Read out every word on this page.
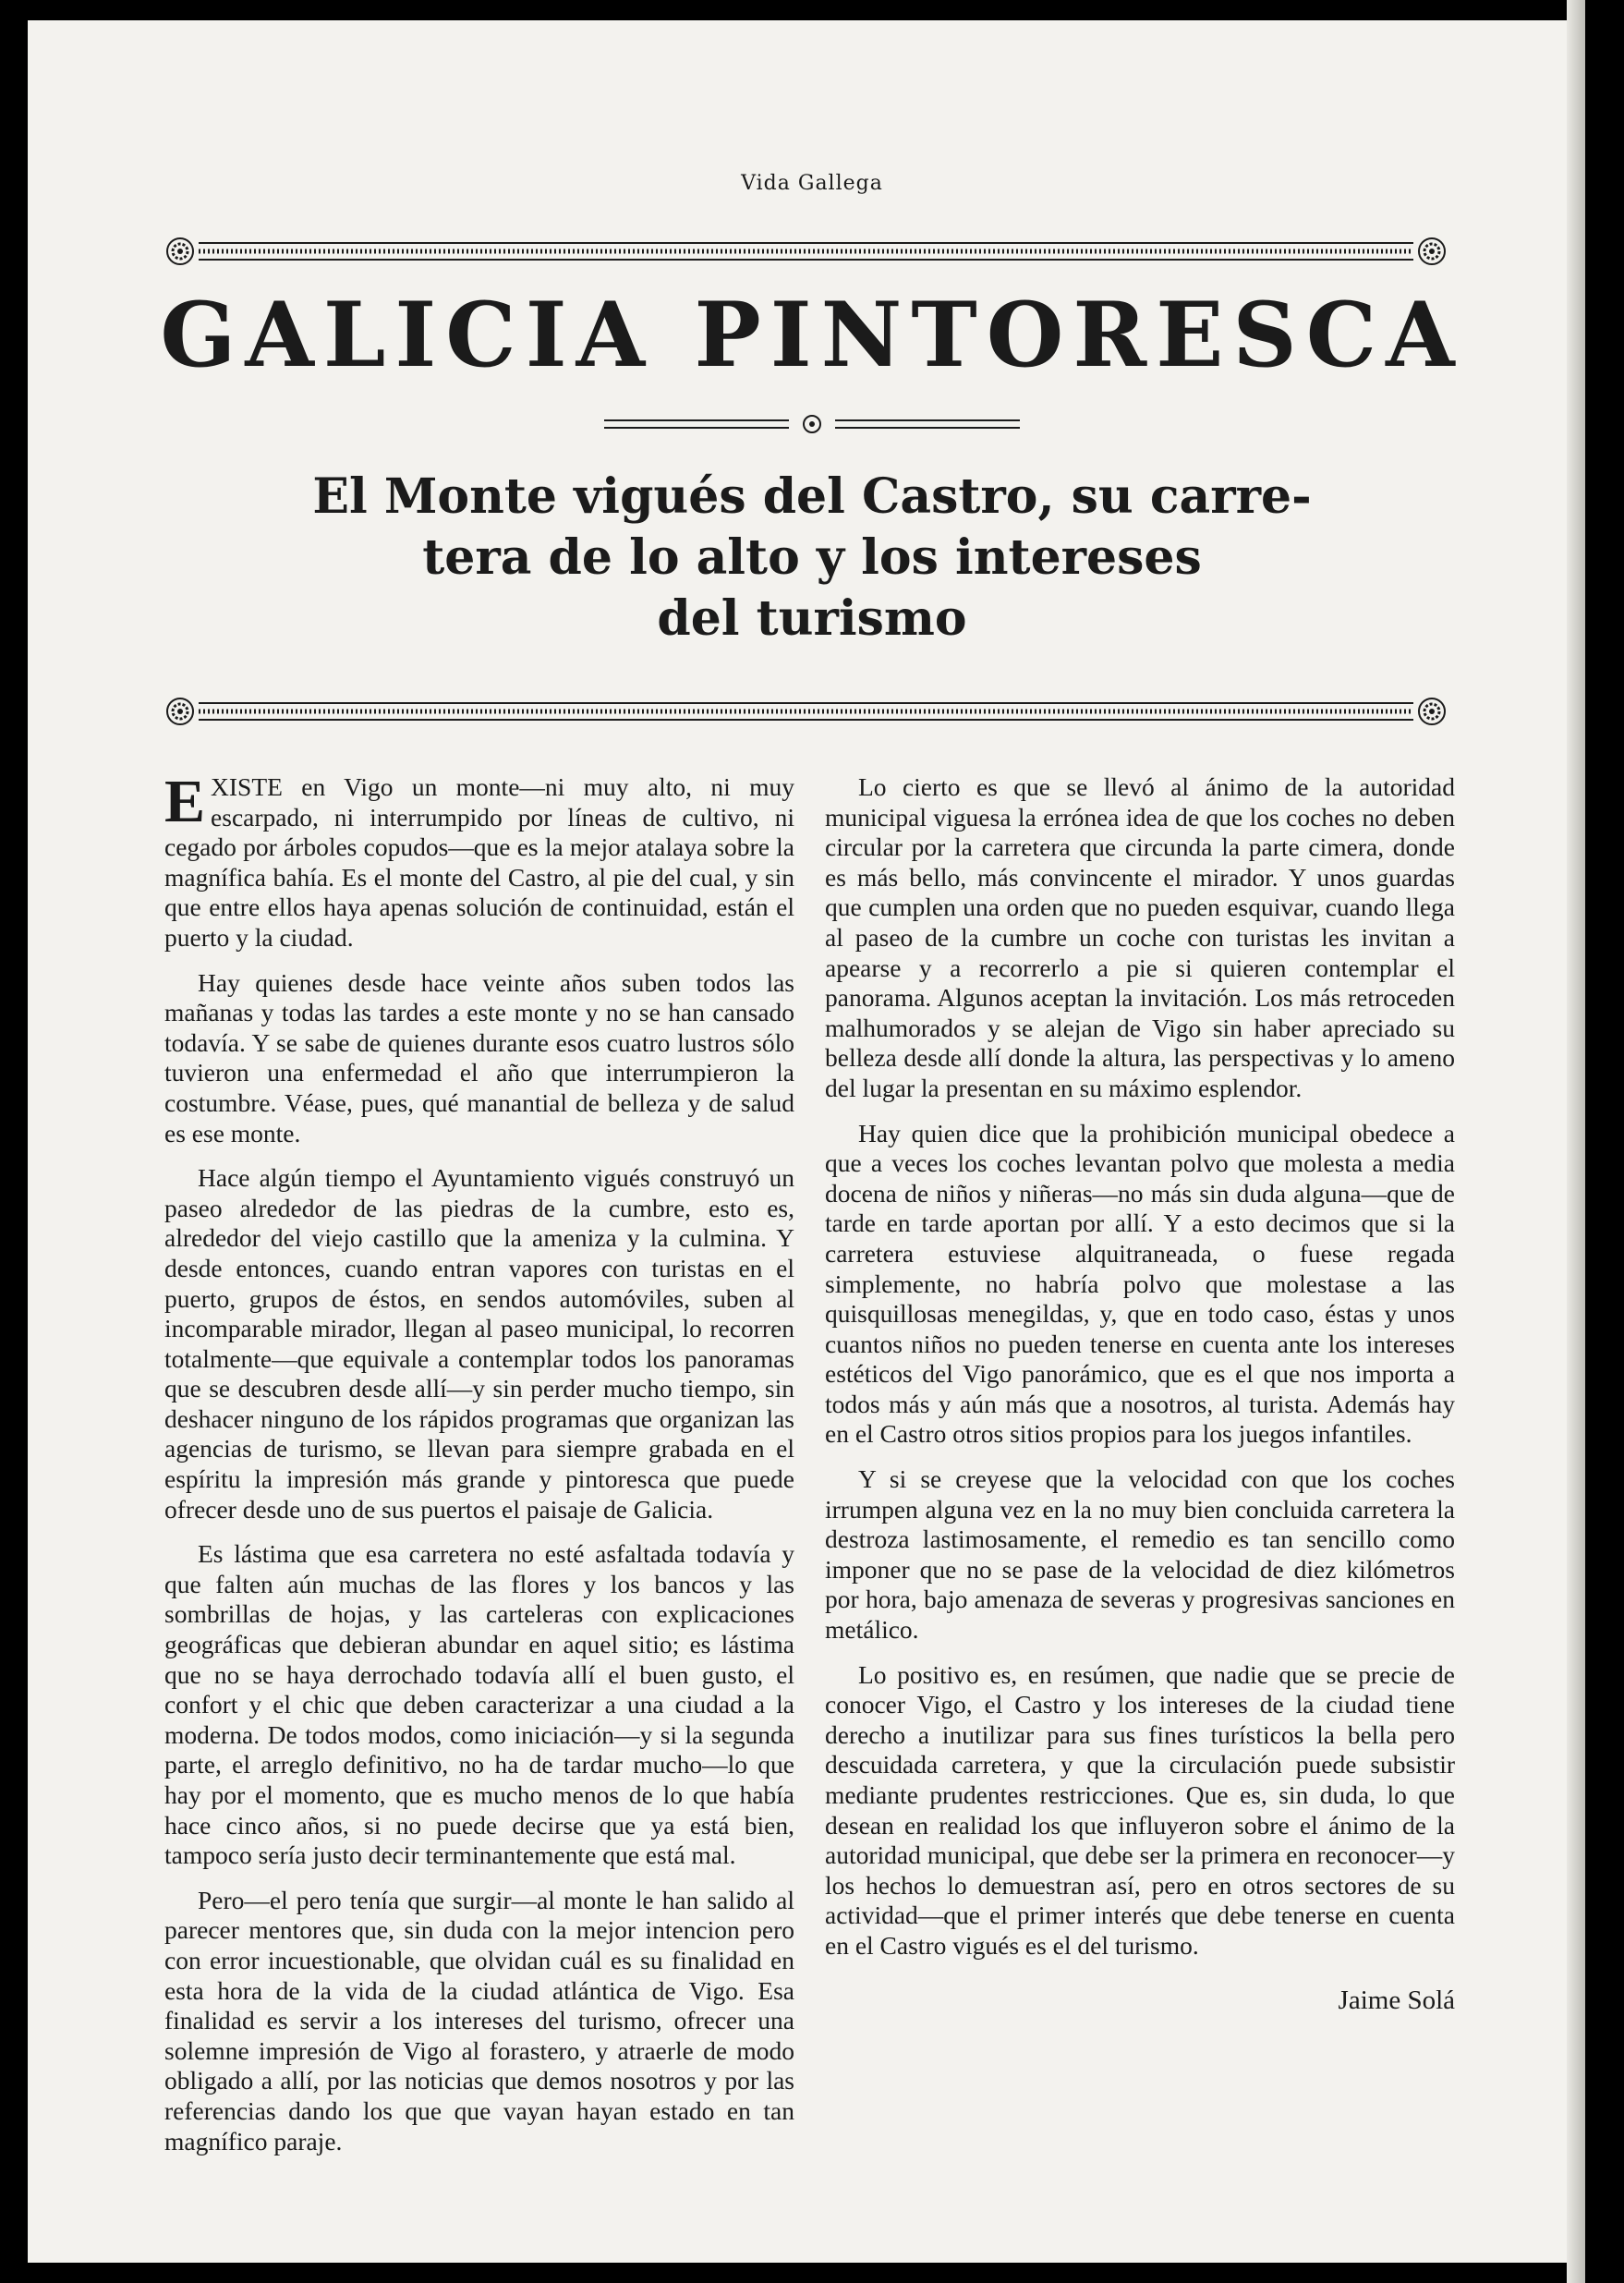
Vida Gallega
GALICIA PINTORESCA
El Monte vigués del Castro, su carre-
tera de lo alto y los intereses
del turismo

EXISTE en Vigo un monte—ni muy alto, ni muy escarpado, ni interrumpido por líneas de cultivo, ni cegado por árboles copudos—que es la mejor atalaya sobre la magnífica bahía. Es el monte del Castro, al pie del cual, y sin que entre ellos haya apenas solución de continuidad, están el puerto y la ciudad.

Hay quienes desde hace veinte años suben todos las mañanas y todas las tardes a este monte y no se han cansado todavía. Y se sabe de quienes durante esos cuatro lustros sólo tuvieron una enfermedad el año que interrumpieron la costumbre. Véase, pues, qué manantial de belleza y de salud es ese monte.

Hace algún tiempo el Ayuntamiento vigués construyó un paseo alrededor de las piedras de la cumbre, esto es, alrededor del viejo castillo que la ameniza y la culmina. Y desde entonces, cuando entran vapores con turistas en el puerto, grupos de éstos, en sendos automóviles, suben al incomparable mirador, llegan al paseo municipal, lo recorren totalmente—que equivale a contemplar todos los panoramas que se descubren desde allí—y sin perder mucho tiempo, sin deshacer ninguno de los rápidos programas que organizan las agencias de turismo, se llevan para siempre grabada en el espíritu la impresión más grande y pintoresca que puede ofrecer desde uno de sus puertos el paisaje de Galicia.

Es lástima que esa carretera no esté asfaltada todavía y que falten aún muchas de las flores y los bancos y las sombrillas de hojas, y las carteleras con explicaciones geográficas que debieran abundar en aquel sitio; es lástima que no se haya derrochado todavía allí el buen gusto, el confort y el chic que deben caracterizar a una ciudad a la moderna. De todos modos, como iniciación—y si la segunda parte, el arreglo definitivo, no ha de tardar mucho—lo que hay por el momento, que es mucho menos de lo que había hace cinco años, si no puede decirse que ya está bien, tampoco sería justo decir terminantemente que está mal.

Pero—el pero tenía que surgir—al monte le han salido al parecer mentores que, sin duda con la mejor intencion pero con error incuestionable, que olvidan cuál es su finalidad en esta hora de la vida de la ciudad atlántica de Vigo. Esa finalidad es servir a los intereses del turismo, ofrecer una solemne impresión de Vigo al forastero, y atraerle de modo obligado a allí, por las noticias que demos nosotros y por las referencias dando los que que vayan hayan estado en tan magnífico paraje.

Lo cierto es que se llevó al ánimo de la autoridad municipal viguesa la errónea idea de que los coches no deben circular por la carretera que circunda la parte cimera, donde es más bello, más convincente el mirador. Y unos guardas que cumplen una orden que no pueden esquivar, cuando llega al paseo de la cumbre un coche con turistas les invitan a apearse y a recorrerlo a pie si quieren contemplar el panorama. Algunos aceptan la invitación. Los más retroceden malhumorados y se alejan de Vigo sin haber apreciado su belleza desde allí donde la altura, las perspectivas y lo ameno del lugar la presentan en su máximo esplendor.

Hay quien dice que la prohibición municipal obedece a que a veces los coches levantan polvo que molesta a media docena de niños y niñeras—no más sin duda alguna—que de tarde en tarde aportan por allí. Y a esto decimos que si la carretera estuviese alquitraneada, o fuese regada simplemente, no habría polvo que molestase a las quisquillosas menegildas, y, que en todo caso, éstas y unos cuantos niños no pueden tenerse en cuenta ante los intereses estéticos del Vigo panorámico, que es el que nos importa a todos más y aún más que a nosotros, al turista. Además hay en el Castro otros sitios propios para los juegos infantiles.

Y si se creyese que la velocidad con que los coches irrumpen alguna vez en la no muy bien concluida carretera la destroza lastimosamente, el remedio es tan sencillo como imponer que no se pase de la velocidad de diez kilómetros por hora, bajo amenaza de severas y progresivas sanciones en metálico.

Lo positivo es, en resúmen, que nadie que se precie de conocer Vigo, el Castro y los intereses de la ciudad tiene derecho a inutilizar para sus fines turísticos la bella pero descuidada carretera, y que la circulación puede subsistir mediante prudentes restricciones. Que es, sin duda, lo que desean en realidad los que influyeron sobre el ánimo de la autoridad municipal, que debe ser la primera en reconocer—y los hechos lo demuestran así, pero en otros sectores de su actividad—que el primer interés que debe tenerse en cuenta en el Castro vigués es el del turismo.

Jaime Solá
